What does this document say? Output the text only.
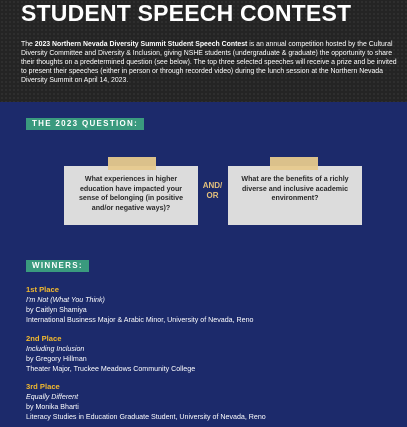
STUDENT SPEECH CONTEST

The 2023 Northern Nevada Diversity Summit Student Speech Contest is an annual competition hosted by the Cultural Diversity Committee and Diversity & Inclusion, giving NSHE students (undergraduate & graduate) the opportunity to share their thoughts on a predetermined question (see below). The top three selected speeches will receive a prize and be invited to present their speeches (either in person or through recorded video) during the lunch session at the Northern Nevada Diversity Summit on April 14, 2023.

THE 2023 QUESTION:
What experiences in higher education have impacted your sense of belonging (in positive and/or negative ways)?
AND/
OR
What are the benefits of a richly diverse and inclusive academic environment?
WINNERS:
1st Place
I'm Not (What You Think)
by Caitlyn Shamiya
International Business Major & Arabic Minor, University of Nevada, Reno
2nd Place
Including Inclusion
by Gregory Hillman
Theater Major, Truckee Meadows Community College
3rd Place
Equally Different
by Monika Bharti
Literacy Studies in Education Graduate Student, University of Nevada, Reno
